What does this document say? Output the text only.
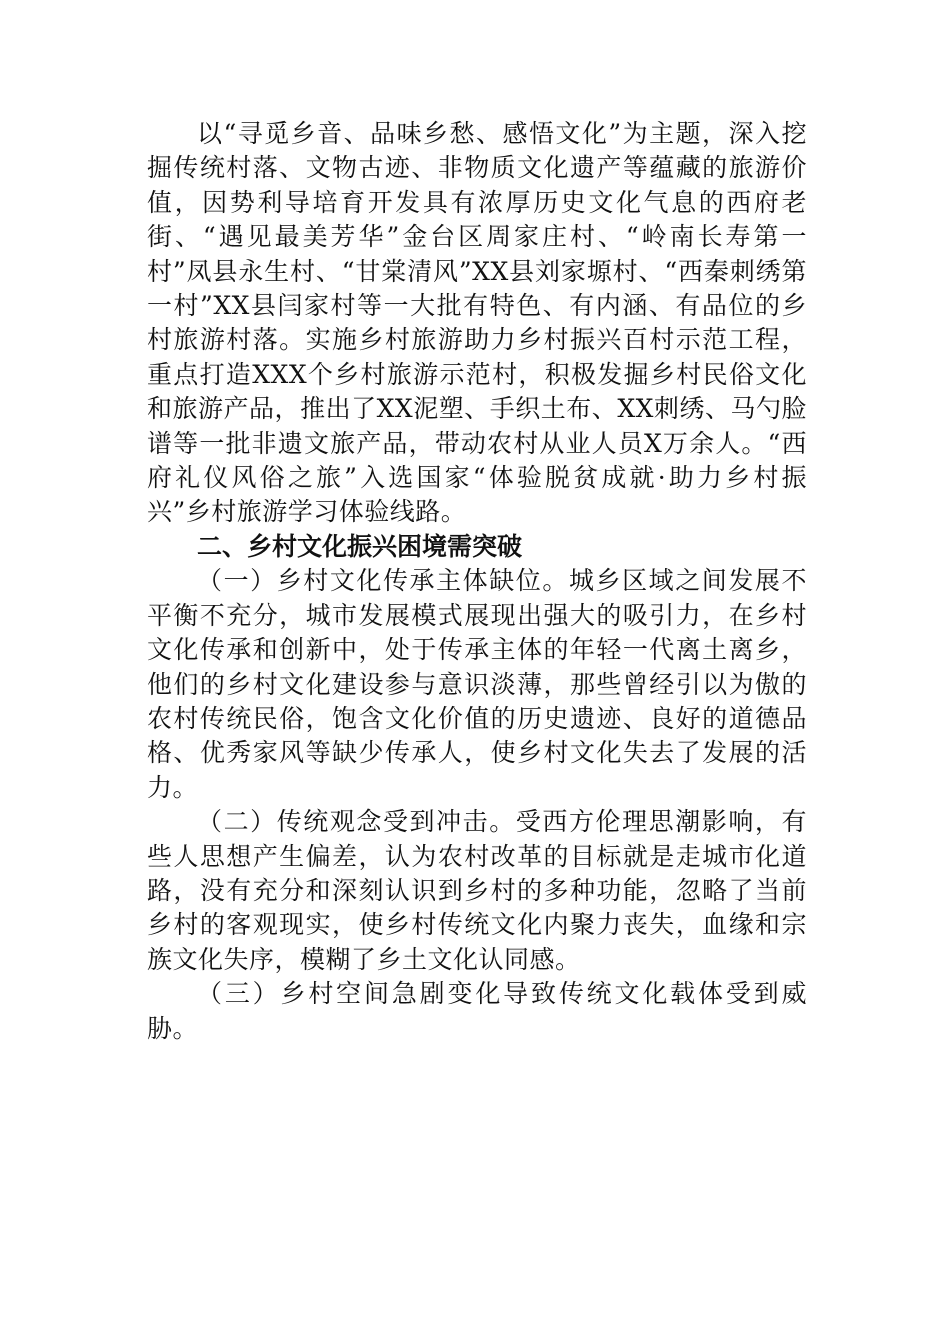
以“寻觅乡音、品味乡愁、感悟文化”为主题，深入挖掘传统村落、文物古迹、非物质文化遗产等蕴藏的旅游价值，因势利导培育开发具有浓厚历史文化气息的西府老街、“遇见最美芳华”金台区周家庄村、“岭南长寿第一村”凤县永生村、“甘棠清风”XX县刘家塬村、“西秦刺绣第一村”XX县闫家村等一大批有特色、有内涵、有品位的乡村旅游村落。实施乡村旅游助力乡村振兴百村示范工程，重点打造XXX个乡村旅游示范村，积极发掘乡村民俗文化和旅游产品，推出了XX泥塑、手织土布、XX刺绣、马勺脸谱等一批非遗文旅产品，带动农村从业人员X万余人。“西府礼仪风俗之旅”入选国家“体验脱贫成就·助力乡村振兴”乡村旅游学习体验线路。

二、乡村文化振兴困境需突破

（一）乡村文化传承主体缺位。城乡区域之间发展不平衡不充分，城市发展模式展现出强大的吸引力，在乡村文化传承和创新中，处于传承主体的年轻一代离土离乡，他们的乡村文化建设参与意识淡薄，那些曾经引以为傲的农村传统民俗，饱含文化价值的历史遗迹、良好的道德品格、优秀家风等缺少传承人，使乡村文化失去了发展的活力。

（二）传统观念受到冲击。受西方伦理思潮影响，有些人思想产生偏差，认为农村改革的目标就是走城市化道路，没有充分和深刻认识到乡村的多种功能，忽略了当前乡村的客观现实，使乡村传统文化内聚力丧失，血缘和宗族文化失序，模糊了乡土文化认同感。

（三）乡村空间急剧变化导致传统文化载体受到威胁。
